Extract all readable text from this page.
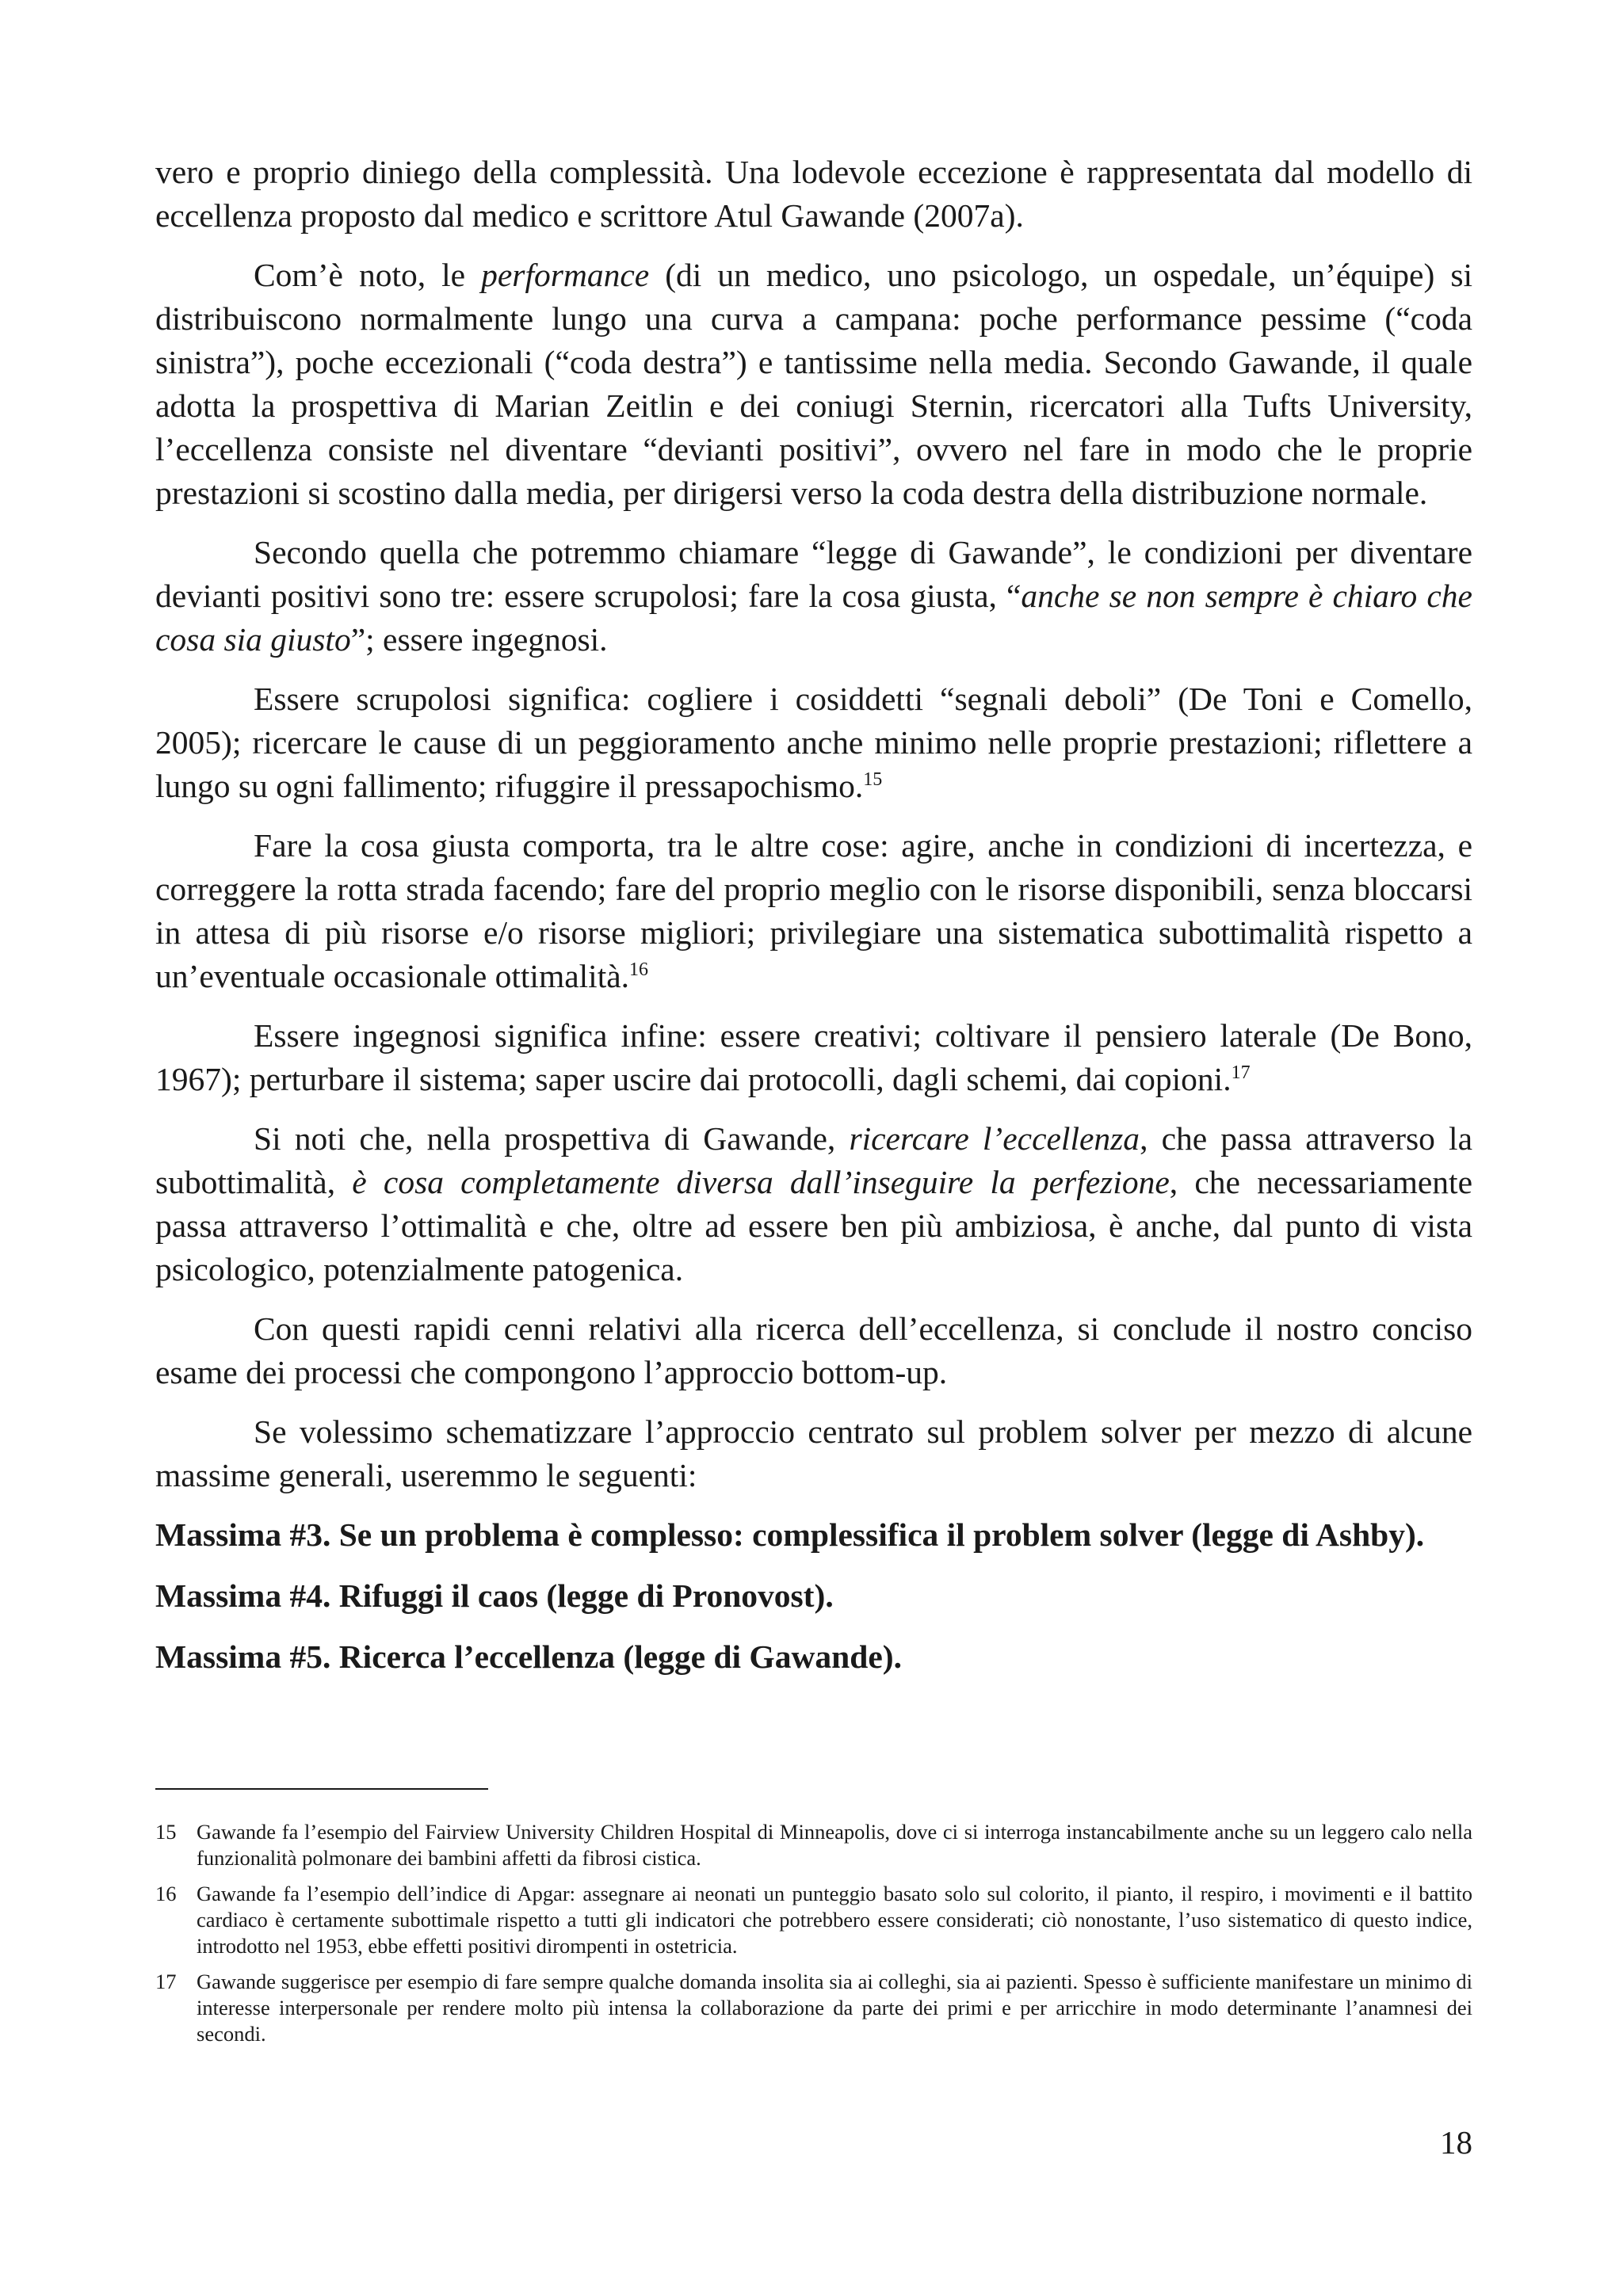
vero e proprio diniego della complessità. Una lodevole eccezione è rappresentata dal modello di eccellenza proposto dal medico e scrittore Atul Gawande (2007a).

Com’è noto, le performance (di un medico, uno psicologo, un ospedale, un’équipe) si distribuiscono normalmente lungo una curva a campana: poche performance pessime (“coda sinistra”), poche eccezionali (“coda destra”) e tantissime nella media. Secondo Gawande, il quale adotta la prospettiva di Marian Zeitlin e dei coniugi Sternin, ricercatori alla Tufts University, l’eccellenza consiste nel diventare “devianti positivi”, ovvero nel fare in modo che le proprie prestazioni si scostino dalla media, per dirigersi verso la coda destra della distribuzione normale.

Secondo quella che potremmo chiamare “legge di Gawande”, le condizioni per diventare devianti positivi sono tre: essere scrupolosi; fare la cosa giusta, “anche se non sempre è chiaro che cosa sia giusto”; essere ingegnosi.

Essere scrupolosi significa: cogliere i cosiddetti “segnali deboli” (De Toni e Comello, 2005); ricercare le cause di un peggioramento anche minimo nelle proprie prestazioni; riflettere a lungo su ogni fallimento; rifuggire il pressapochismo.$^{15}$

Fare la cosa giusta comporta, tra le altre cose: agire, anche in condizioni di incertezza, e correggere la rotta strada facendo; fare del proprio meglio con le risorse disponibili, senza bloccarsi in attesa di più risorse e/o risorse migliori; privilegiare una sistematica subottimalità rispetto a un’eventuale occasionale ottimalità.$^{16}$

Essere ingegnosi significa infine: essere creativi; coltivare il pensiero laterale (De Bono, 1967); perturbare il sistema; saper uscire dai protocolli, dagli schemi, dai copioni.$^{17}$

Si noti che, nella prospettiva di Gawande, ricercare l’eccellenza, che passa attraverso la subottimalità, è cosa completamente diversa dall’inseguire la perfezione, che necessariamente passa attraverso l’ottimalità e che, oltre ad essere ben più ambiziosa, è anche, dal punto di vista psicologico, potenzialmente patogenica.

Con questi rapidi cenni relativi alla ricerca dell’eccellenza, si conclude il nostro conciso esame dei processi che compongono l’approccio bottom-up.

Se volessimo schematizzare l’approccio centrato sul problem solver per mezzo di alcune massime generali, useremmo le seguenti:

Massima #3. Se un problema è complesso: complessifica il problem solver (legge di Ashby).

Massima #4. Rifuggi il caos (legge di Pronovost).

Massima #5. Ricerca l’eccellenza (legge di Gawande).

15 Gawande fa l’esempio del Fairview University Children Hospital di Minneapolis, dove ci si interroga instancabilmente anche su un leggero calo nella funzionalità polmonare dei bambini affetti da fibrosi cistica.
16 Gawande fa l’esempio dell’indice di Apgar: assegnare ai neonati un punteggio basato solo sul colorito, il pianto, il respiro, i movimenti e il battito cardiaco è certamente subottimale rispetto a tutti gli indicatori che potrebbero essere considerati; ciò nonostante, l’uso sistematico di questo indice, introdotto nel 1953, ebbe effetti positivi dirompenti in ostetricia.
17 Gawande suggerisce per esempio di fare sempre qualche domanda insolita sia ai colleghi, sia ai pazienti. Spesso è sufficiente manifestare un minimo di interesse interpersonale per rendere molto più intensa la collaborazione da parte dei primi e per arricchire in modo determinante l’anamnesi dei secondi.
18
